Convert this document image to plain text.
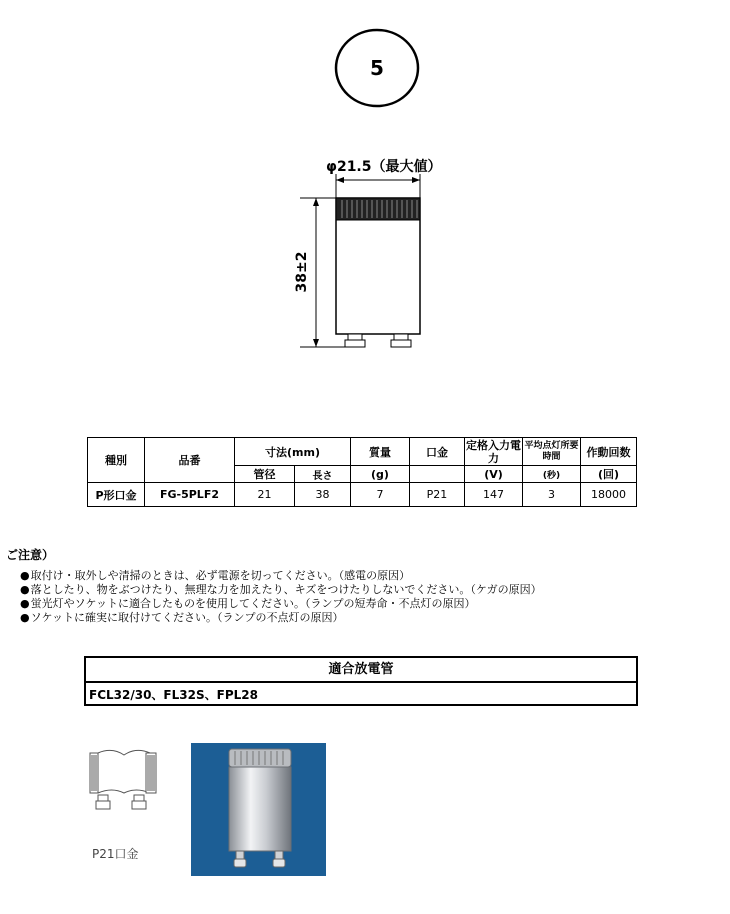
5
φ21.5（最大値）
38±2
種別	品番	寸法(mm)		質量	口金	定格入力電力	平均点灯所要時間	作動回数
		管径	長さ	(g)		(V)	(秒)	(回)
P形口金	FG-5PLF2	21	38	7	P21	147	3	18000
ご注意）
● 取付け・取外しや清掃のときは、必ず電源を切ってください。（感電の原因）
● 落としたり、物をぶつけたり、無理な力を加えたり、キズをつけたりしないでください。（ケガの原因）
● 蛍光灯やソケットに適合したものを使用してください。（ランプの短寿命・不点灯の原因）
● ソケットに確実に取付けてください。（ランプの不点灯の原因）
適合放電管
FCL32/30、FL32S、FPL28
P21口金
